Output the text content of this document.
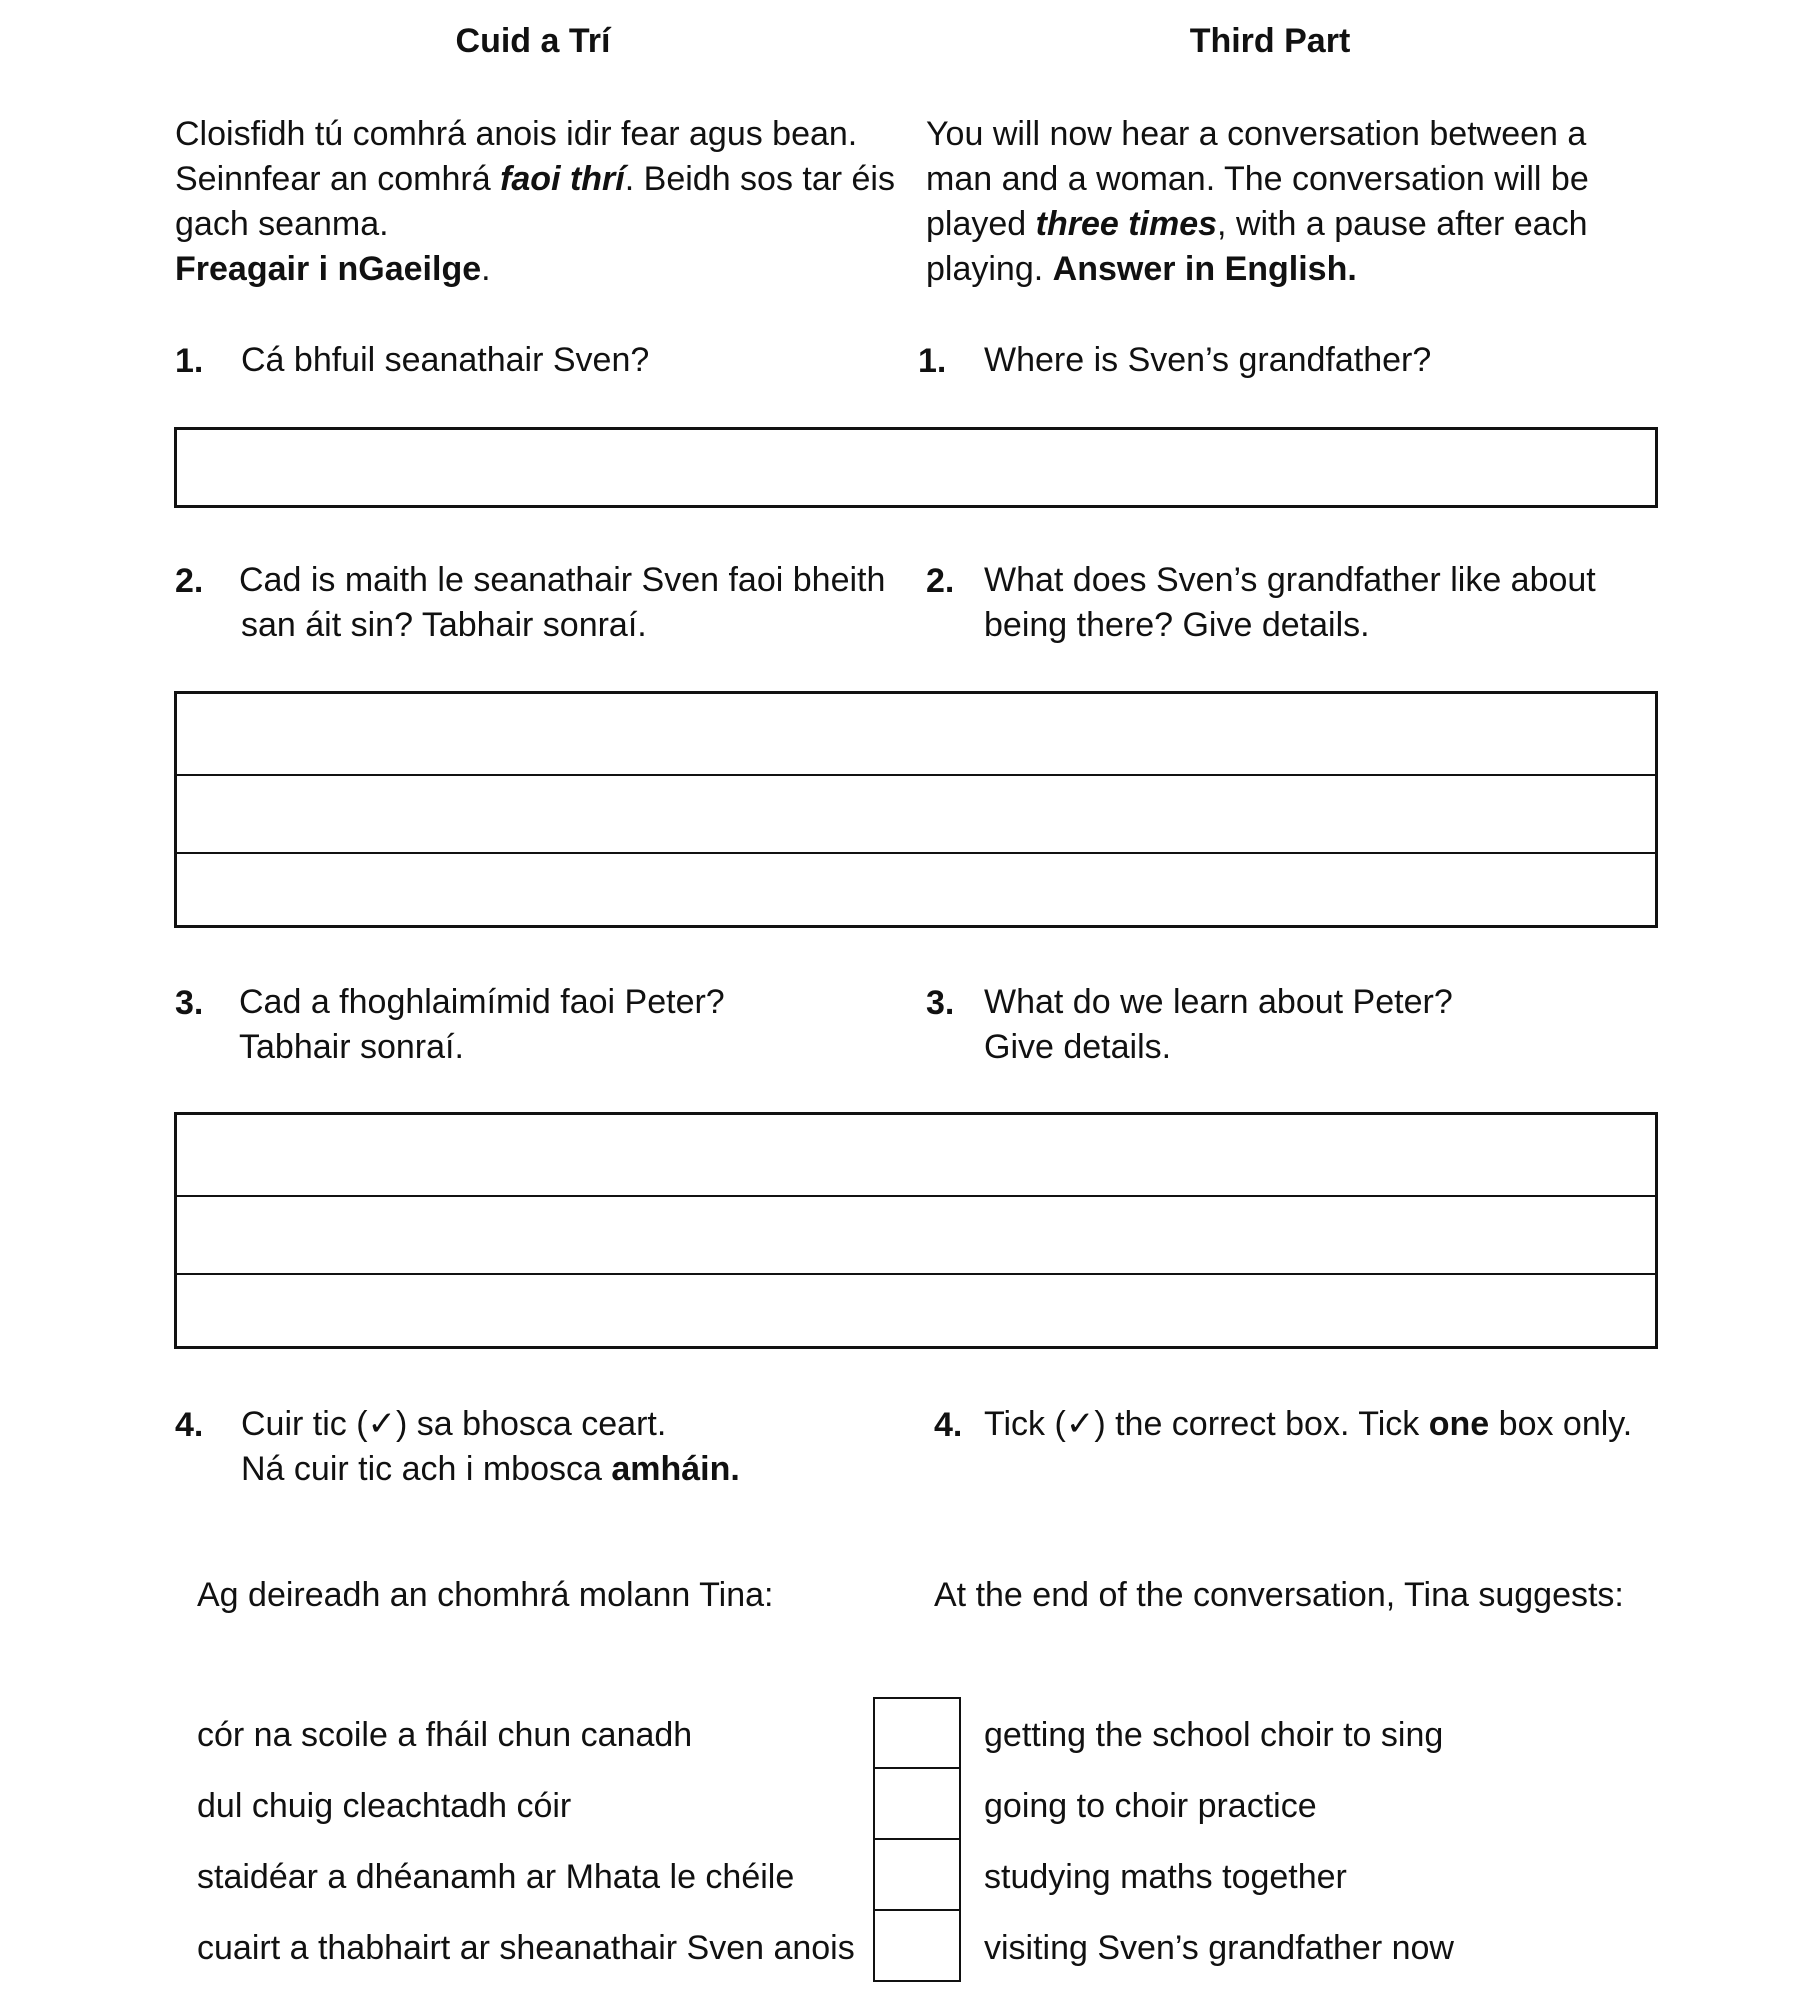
Cuid a Trí	Third Part
Cloisfidh tú comhrá anois idir fear agus bean.
Seinnfear an comhrá faoi thrí. Beidh sos tar éis
gach seanma.
Freagair i nGaeilge.
You will now hear a conversation between a
man and a woman. The conversation will be
played three times, with a pause after each
playing. Answer in English.
1. Cá bhfuil seanathair Sven?	1. Where is Sven’s grandfather?
2. Cad is maith le seanathair Sven faoi bheith
san áit sin? Tabhair sonraí.
2. What does Sven’s grandfather like about
being there? Give details.
3. Cad a fhoghlaimímid faoi Peter?
Tabhair sonraí.
3. What do we learn about Peter?
Give details.
4. Cuir tic (✓) sa bhosca ceart.
Ná cuir tic ach i mbosca amháin.
4. Tick (✓) the correct box. Tick one box only.
Ag deireadh an chomhrá molann Tina:	At the end of the conversation, Tina suggests:
cór na scoile a fháil chun canadh	getting the school choir to sing
dul chuig cleachtadh cóir	going to choir practice
staidéar a dhéanamh ar Mhata le chéile	studying maths together
cuairt a thabhairt ar sheanathair Sven anois	visiting Sven’s grandfather now
